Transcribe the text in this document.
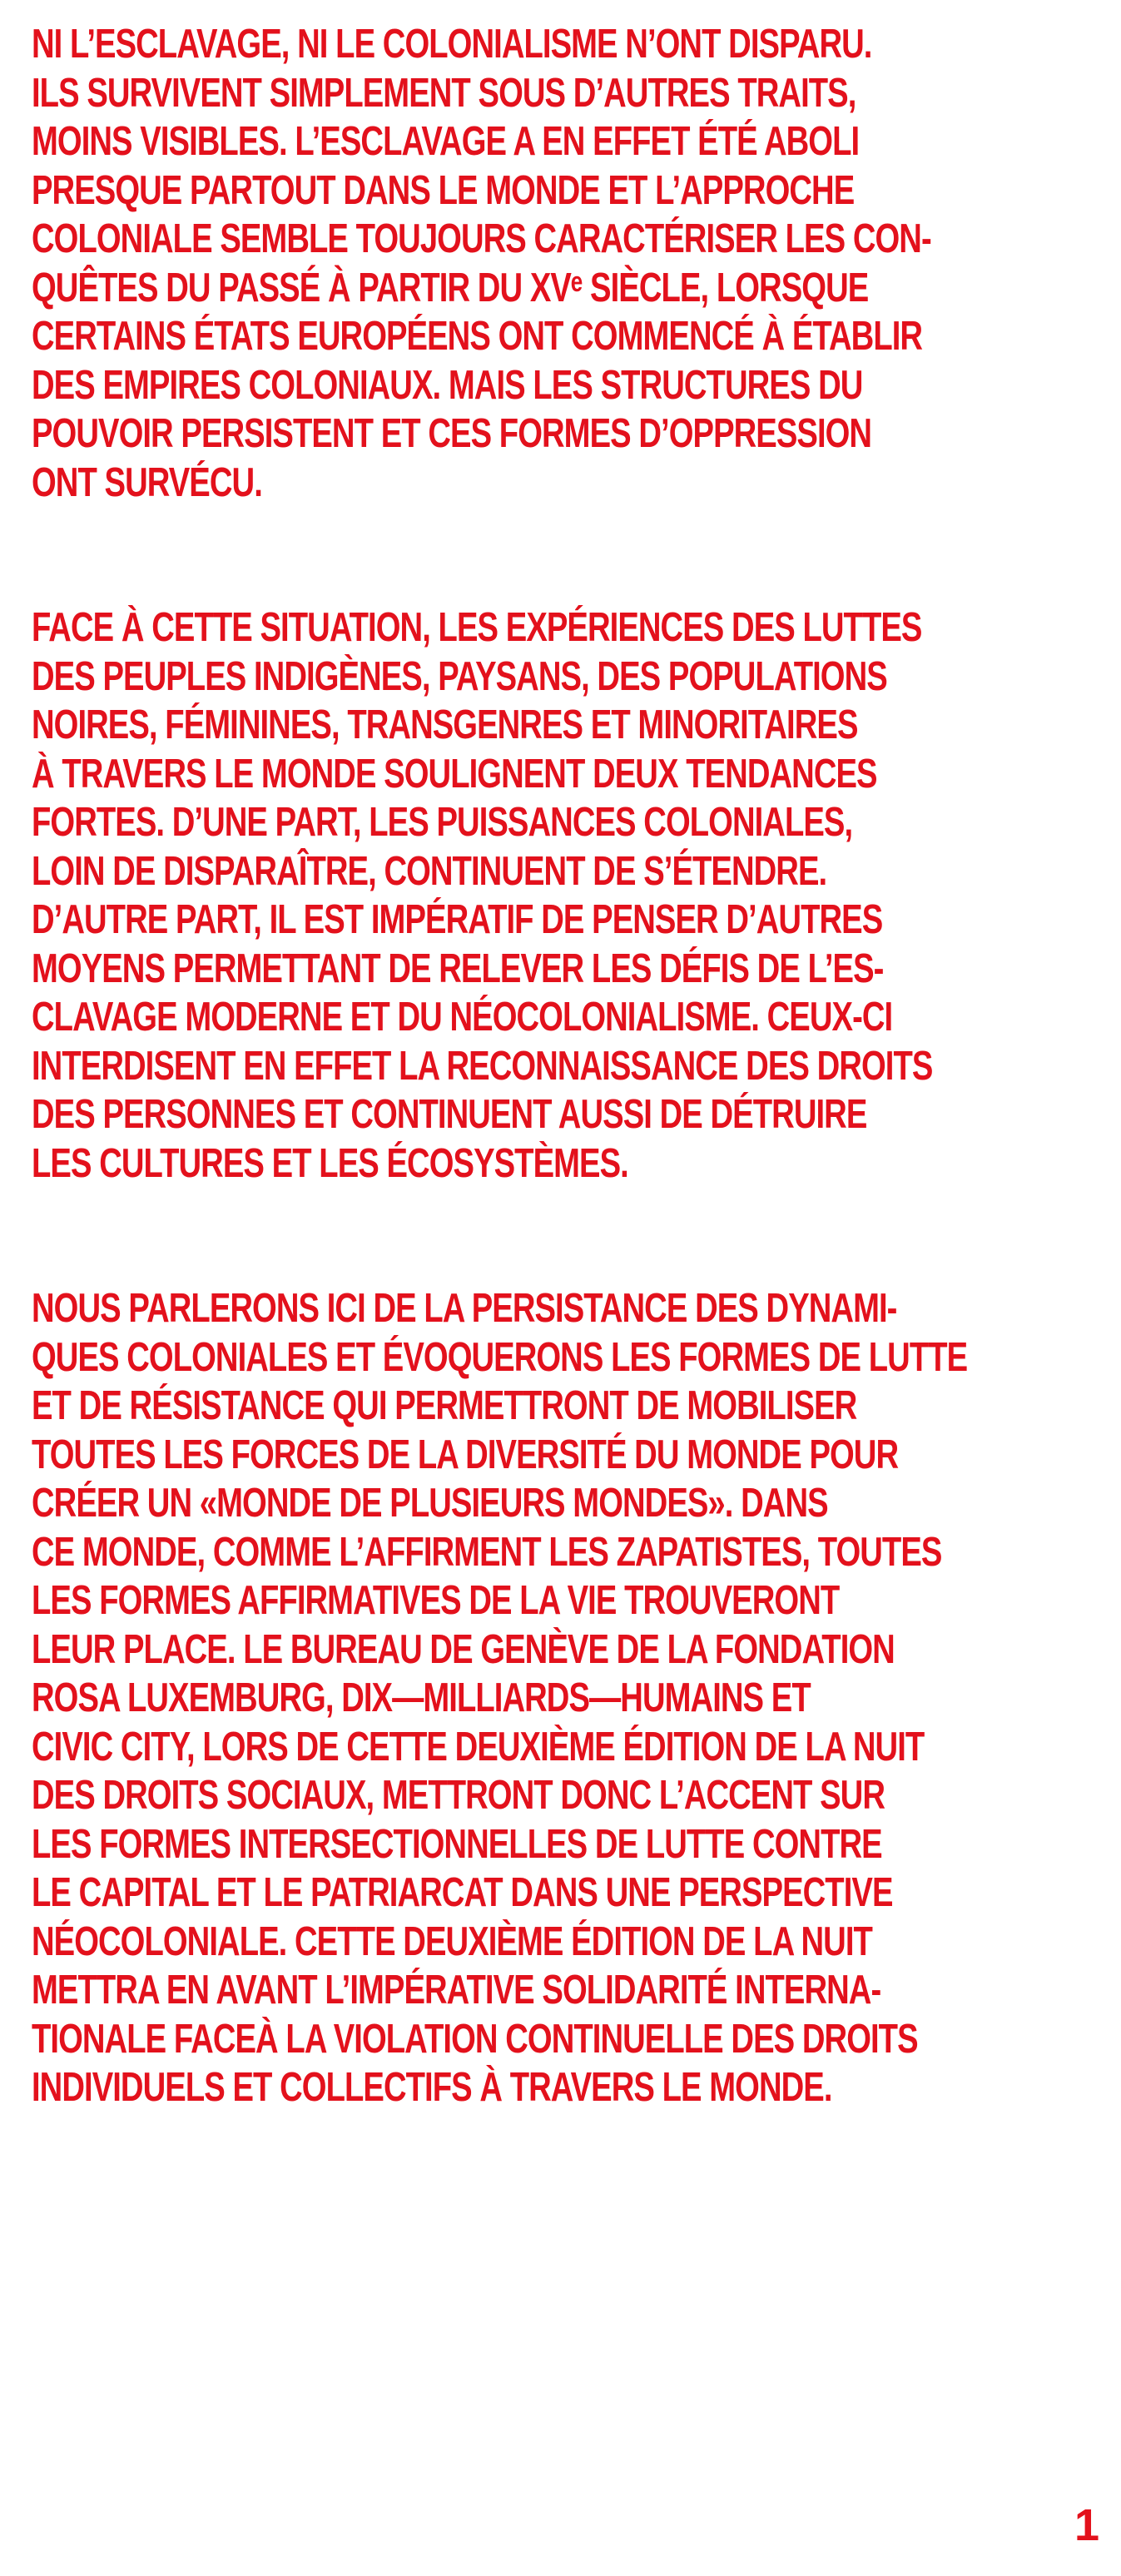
NI L’ESCLAVAGE, NI LE COLONIALISME N’ONT DISPARU.
ILS SURVIVENT SIMPLEMENT SOUS D’AUTRES TRAITS,
MOINS VISIBLES. L’ESCLAVAGE A EN EFFET ÉTÉ ABOLI
PRESQUE PARTOUT DANS LE MONDE ET L’APPROCHE
COLONIALE SEMBLE TOUJOURS CARACTÉRISER LES CON-
QUÊTES DU PASSÉ À PARTIR DU XVᵉ SIÈCLE, LORSQUE
CERTAINS ÉTATS EUROPÉENS ONT COMMENCÉ À ÉTABLIR
DES EMPIRES COLONIAUX. MAIS LES STRUCTURES DU
POUVOIR PERSISTENT ET CES FORMES D’OPPRESSION
ONT SURVÉCU.
FACE À CETTE SITUATION, LES EXPÉRIENCES DES LUTTES
DES PEUPLES INDIGÈNES, PAYSANS, DES POPULATIONS
NOIRES, FÉMININES, TRANSGENRES ET MINORITAIRES
À TRAVERS LE MONDE SOULIGNENT DEUX TENDANCES
FORTES. D’UNE PART, LES PUISSANCES COLONIALES,
LOIN DE DISPARAÎTRE, CONTINUENT DE S’ÉTENDRE.
D’AUTRE PART, IL EST IMPÉRATIF DE PENSER D’AUTRES
MOYENS PERMETTANT DE RELEVER LES DÉFIS DE L’ES-
CLAVAGE MODERNE ET DU NÉOCOLONIALISME. CEUX-CI
INTERDISENT EN EFFET LA RECONNAISSANCE DES DROITS
DES PERSONNES ET CONTINUENT AUSSI DE DÉTRUIRE
LES CULTURES ET LES ÉCOSYSTÈMES.
NOUS PARLERONS ICI DE LA PERSISTANCE DES DYNAMI-
QUES COLONIALES ET ÉVOQUERONS LES FORMES DE LUTTE
ET DE RÉSISTANCE QUI PERMETTRONT DE MOBILISER
TOUTES LES FORCES DE LA DIVERSITÉ DU MONDE POUR
CRÉER UN «MONDE DE PLUSIEURS MONDES». DANS
CE MONDE, COMME L’AFFIRMENT LES ZAPATISTES, TOUTES
LES FORMES AFFIRMATIVES DE LA VIE TROUVERONT
LEUR PLACE. LE BUREAU DE GENÈVE DE LA FONDATION
ROSA LUXEMBURG, DIX—MILLIARDS—HUMAINS ET
CIVIC CITY, LORS DE CETTE DEUXIÈME ÉDITION DE LA NUIT
DES DROITS SOCIAUX, METTRONT DONC L’ACCENT SUR
LES FORMES INTERSECTIONNELLES DE LUTTE CONTRE
LE CAPITAL ET LE PATRIARCAT DANS UNE PERSPECTIVE
NÉOCOLONIALE. CETTE DEUXIÈME ÉDITION DE LA NUIT
METTRA EN AVANT L’IMPÉRATIVE SOLIDARITÉ INTERNA-
TIONALE FACEÀ LA VIOLATION CONTINUELLE DES DROITS
INDIVIDUELS ET COLLECTIFS À TRAVERS LE MONDE.
1
